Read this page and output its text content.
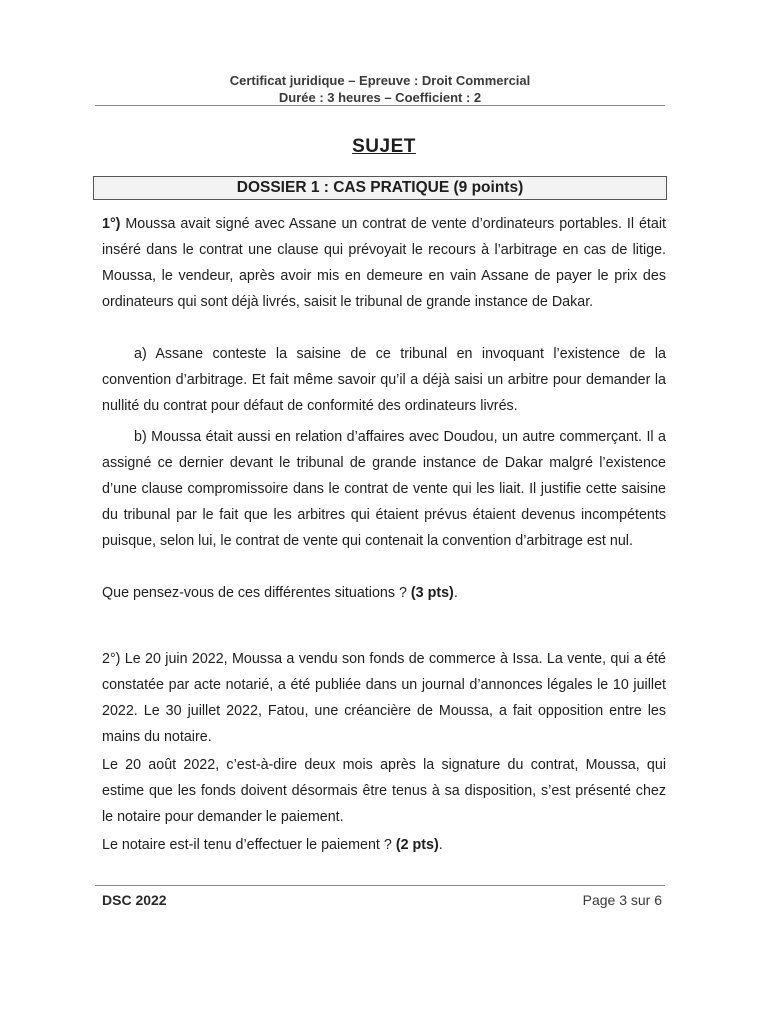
Certificat juridique – Epreuve : Droit Commercial
Durée : 3 heures – Coefficient : 2
SUJET
DOSSIER 1 : CAS PRATIQUE (9 points)

1°) Moussa avait signé avec Assane un contrat de vente d’ordinateurs portables. Il était inséré dans le contrat une clause qui prévoyait le recours à l’arbitrage en cas de litige. Moussa, le vendeur, après avoir mis en demeure en vain Assane de payer le prix des ordinateurs qui sont déjà livrés, saisit le tribunal de grande instance de Dakar.

a) Assane conteste la saisine de ce tribunal en invoquant l’existence de la convention d’arbitrage. Et fait même savoir qu’il a déjà saisi un arbitre pour demander la nullité du contrat pour défaut de conformité des ordinateurs livrés.

b) Moussa était aussi en relation d’affaires avec Doudou, un autre commerçant. Il a assigné ce dernier devant le tribunal de grande instance de Dakar malgré l’existence d’une clause compromissoire dans le contrat de vente qui les liait. Il justifie cette saisine du tribunal par le fait que les arbitres qui étaient prévus étaient devenus incompétents puisque, selon lui, le contrat de vente qui contenait la convention d’arbitrage est nul.

Que pensez-vous de ces différentes situations ? (3 pts).

2°) Le 20 juin 2022, Moussa a vendu son fonds de commerce à Issa. La vente, qui a été constatée par acte notarié, a été publiée dans un journal d’annonces légales le 10 juillet 2022. Le 30 juillet 2022, Fatou, une créancière de Moussa, a fait opposition entre les mains du notaire.

Le 20 août 2022, c’est-à-dire deux mois après la signature du contrat, Moussa, qui estime que les fonds doivent désormais être tenus à sa disposition, s’est présenté chez le notaire pour demander le paiement.

Le notaire est-il tenu d’effectuer le paiement ? (2 pts).

DSC 2022	Page 3 sur 6
